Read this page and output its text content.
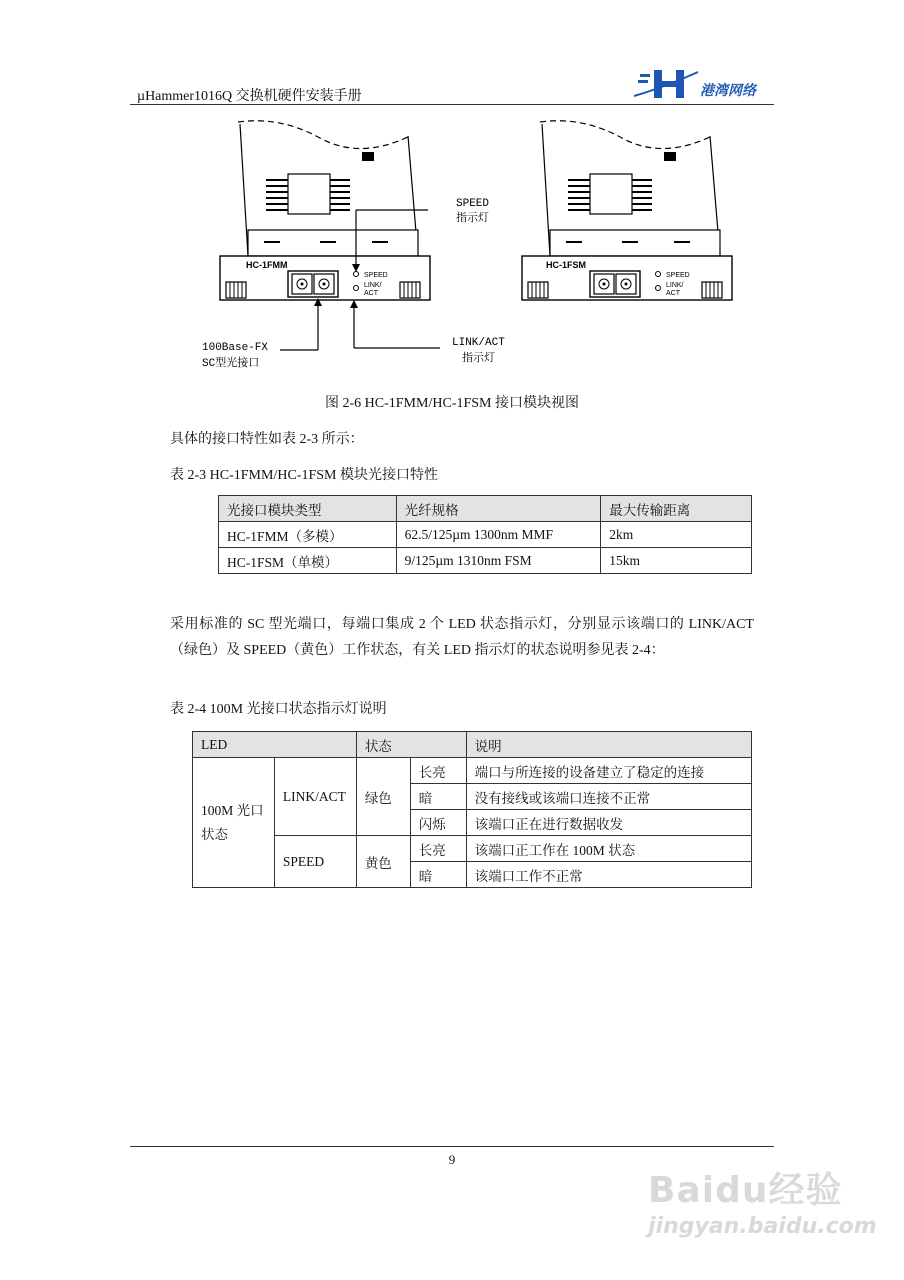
µHammer1016Q 交换机硬件安装手册	港湾网络
HC-1FMM
SPEED
LINK/
ACT
SPEED
指示灯
100Base-FX
SC型光接口
LINK/ACT
指示灯
HC-1FSM
SPEED
LINK/
ACT
图 2-6 HC-1FMM/HC-1FSM 接口模块视图
具体的接口特性如表 2-3 所示：
表 2-3 HC-1FMM/HC-1FSM 模块光接口特性
光接口模块类型	光纤规格	最大传输距离
HC-1FMM（多模）	62.5/125µm 1300nm MMF	2km
HC-1FSM（单模）	9/125µm 1310nm FSM	15km
采用标准的 SC 型光端口，每端口集成 2 个 LED 状态指示灯，分别显示该端口的 LINK/ACT（绿色）及 SPEED（黄色）工作状态，有关 LED 指示灯的状态说明参见表 2-4：
表 2-4 100M 光接口状态指示灯说明
LED		状态		说明
100M 光口状态	LINK/ACT	绿色	长亮	端口与所连接的设备建立了稳定的连接
			暗	没有接线或该端口连接不正常
			闪烁	该端口正在进行数据收发
	SPEED	黄色	长亮	该端口正工作在 100M 状态
			暗	该端口工作不正常
9
Baidu经验
jingyan.baidu.com
